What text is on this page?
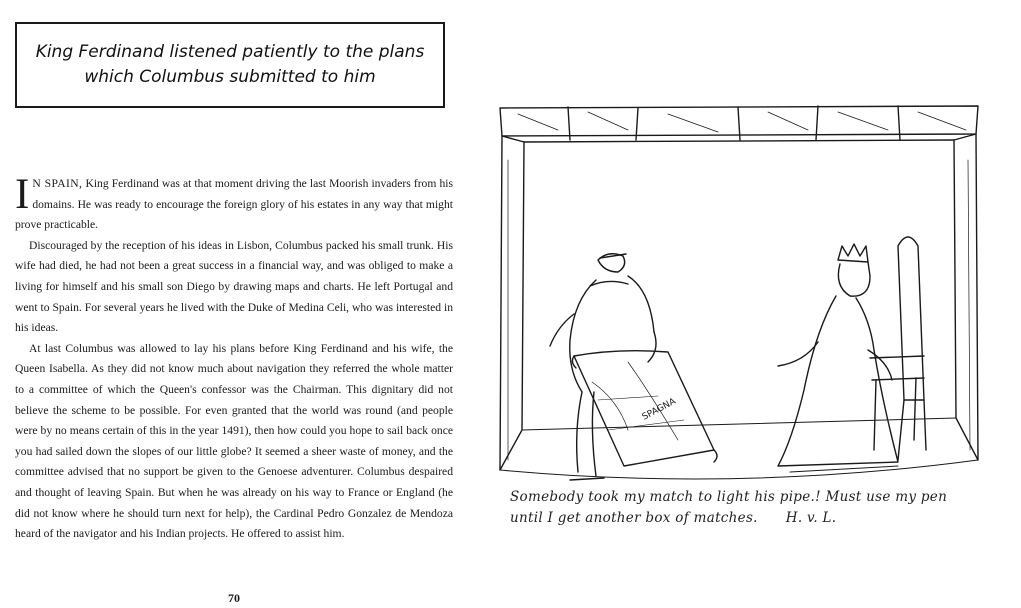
King Ferdinand listened patiently to the plans
which Columbus submitted to him

I N SPAIN, King Ferdinand was at that moment driving the last Moorish invaders from his domains. He was ready to encourage the foreign glory of his estates in any way that might prove practicable.

Discouraged by the reception of his ideas in Lisbon, Columbus packed his small trunk. His wife had died, he had not been a great success in a financial way, and was obliged to make a living for himself and his small son Diego by drawing maps and charts. He left Portugal and went to Spain. For several years he lived with the Duke of Medina Celi, who was interested in his ideas.

At last Columbus was allowed to lay his plans before King Ferdinand and his wife, the Queen Isabella. As they did not know much about navigation they referred the whole matter to a committee of which the Queen's confessor was the Chairman. This dignitary did not believe the scheme to be possible. For even granted that the world was round (and people were by no means certain of this in the year 1491), then how could you hope to sail back once you had sailed down the slopes of our little globe? It seemed a sheer waste of money, and the committee advised that no support be given to the Genoese adventurer. Columbus despaired and thought of leaving Spain. But when he was already on his way to France or England (he did not know where he should turn next for help), the Cardinal Pedro Gonzalez de Mendoza heard of the navigator and his Indian projects. He offered to assist him.

70
SPAGNA
Somebody took my match to light his pipe.! Must use my pen
until I get another box of matches. H. v. L.
